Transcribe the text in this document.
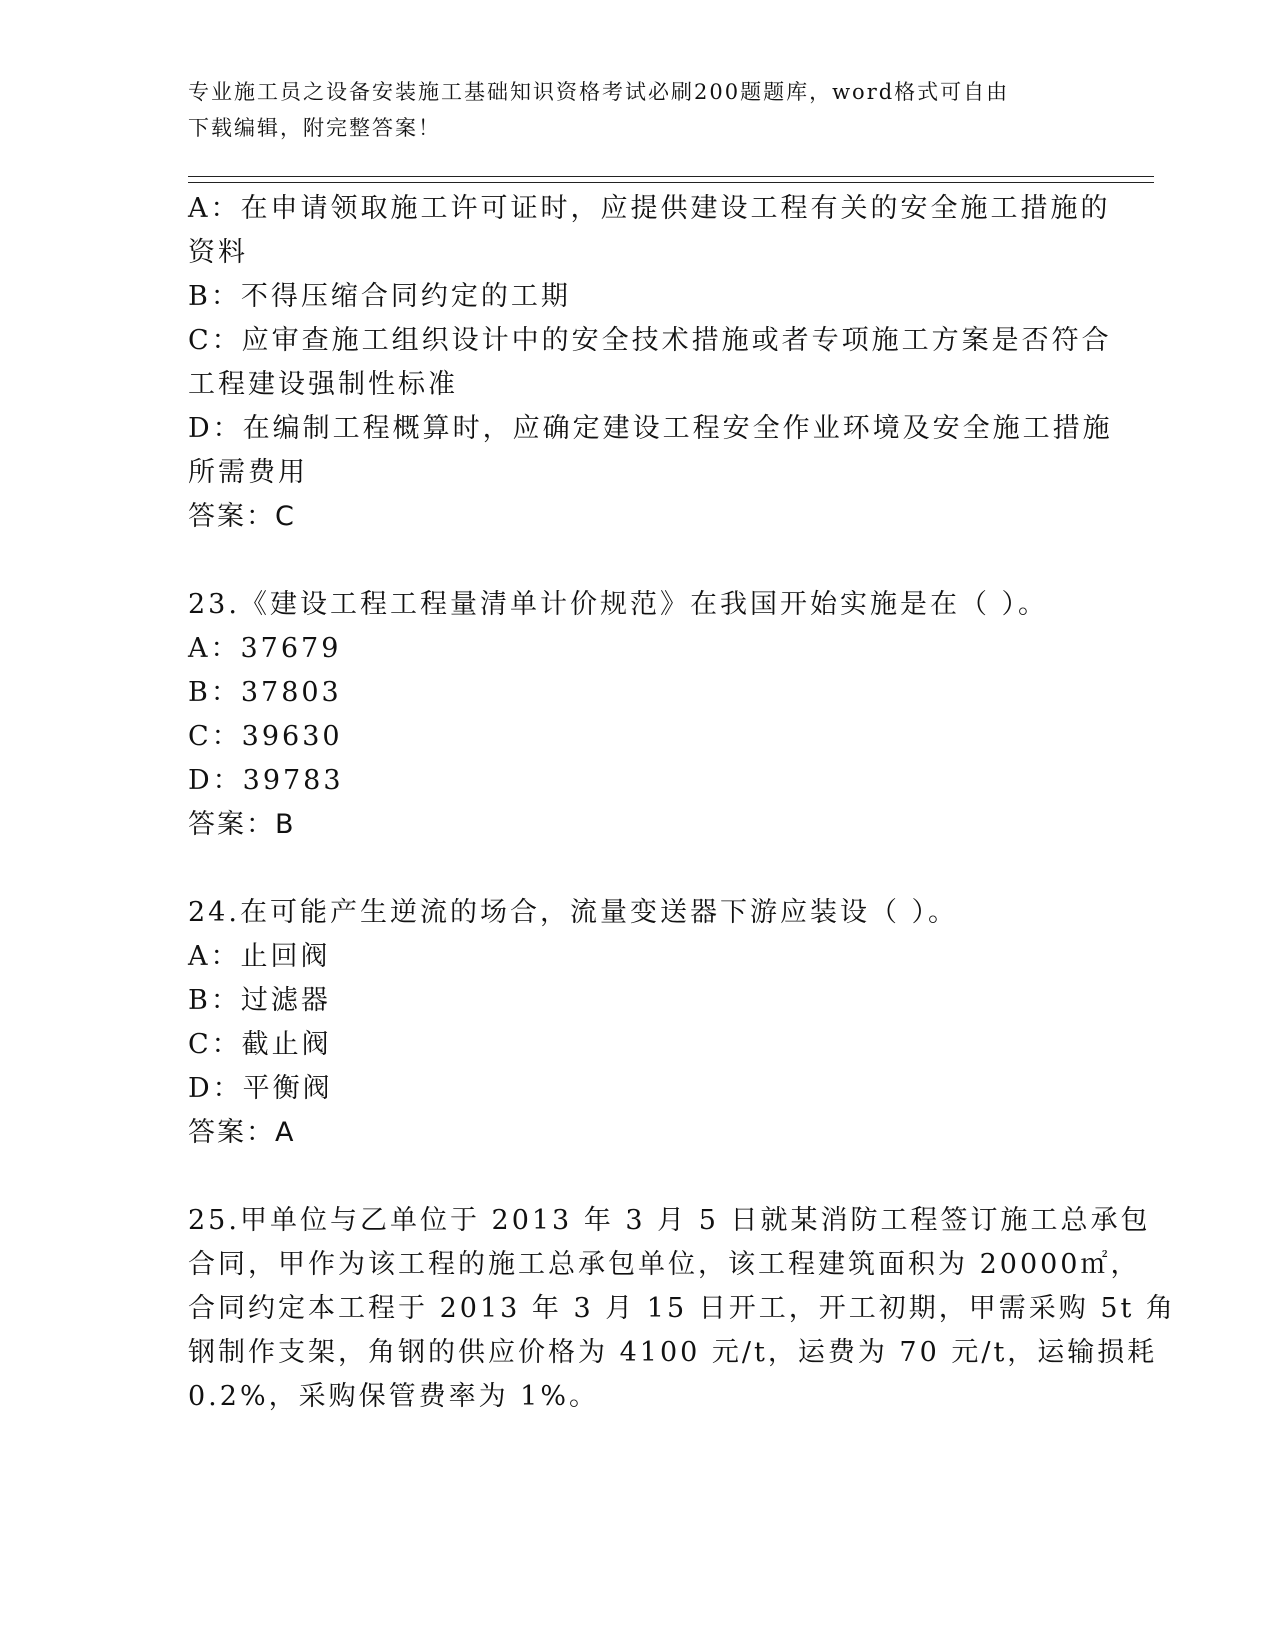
专业施工员之设备安装施工基础知识资格考试必刷200题题库，word格式可自由
下载编辑，附完整答案！
A：在申请领取施工许可证时，应提供建设工程有关的安全施工措施的
资料
B：不得压缩合同约定的工期
C：应审查施工组织设计中的安全技术措施或者专项施工方案是否符合
工程建设强制性标准
D：在编制工程概算时，应确定建设工程安全作业环境及安全施工措施
所需费用
答案：C
23.《建设工程工程量清单计价规范》在我国开始实施是在（ ）。
A：37679
B：37803
C：39630
D：39783
答案：B
24.在可能产生逆流的场合，流量变送器下游应装设（ ）。
A：止回阀
B：过滤器
C：截止阀
D：平衡阀
答案：A
25.甲单位与乙单位于 2013 年 3 月 5 日就某消防工程签订施工总承包
合同，甲作为该工程的施工总承包单位，该工程建筑面积为 20000㎡，
合同约定本工程于 2013 年 3 月 15 日开工，开工初期，甲需采购 5t 角
钢制作支架，角钢的供应价格为 4100 元/t，运费为 70 元/t，运输损耗
0.2%，采购保管费率为 1%。
